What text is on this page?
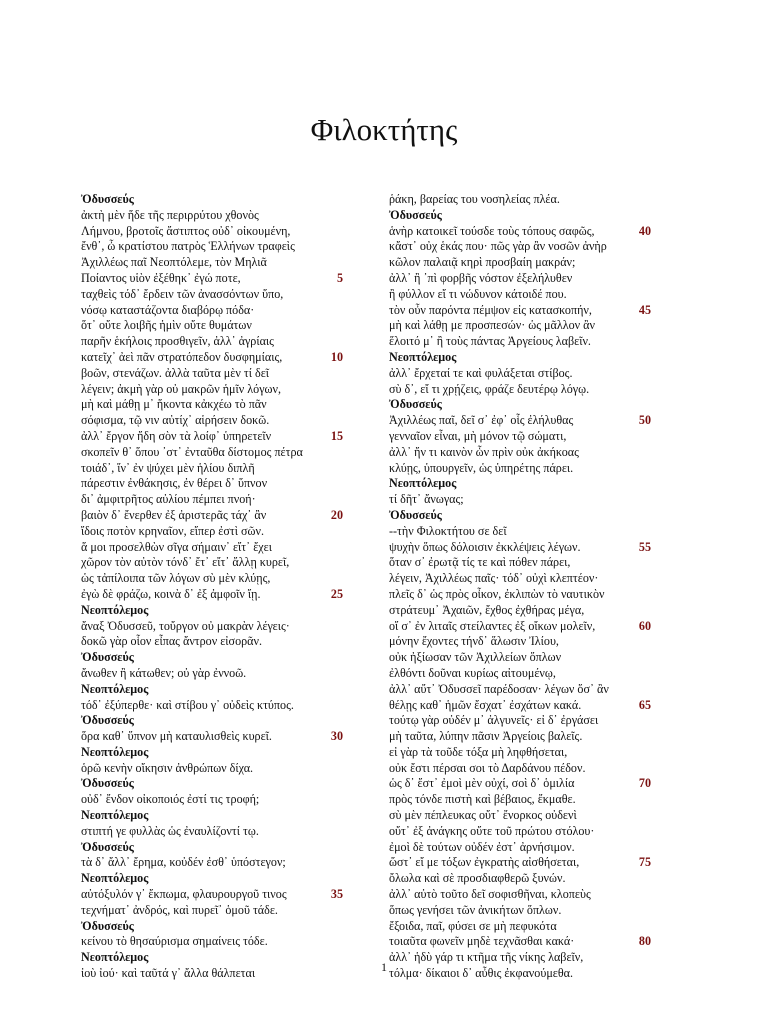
Φιλοκτήτης
Ὀδυσσεύς
ἀκτὴ μὲν ἥδε τῆς περιρρύτου χθονὸς
Λήμνου, βροτοῖς ἄστιπτος οὐδ᾽ οἰκουμένη,
ἔνθ᾽, ὦ κρατίστου πατρὸς Ἑλλήνων τραφεὶς
Ἀχιλλέως παῖ Νεοπτόλεμε, τὸν Μηλιᾶ
Ποίαντος υἱὸν ἐξέθηκ᾽ ἐγώ ποτε,	5
ταχθεὶς τόδ᾽ ἔρδειν τῶν ἀνασσόντων ὕπο,
νόσῳ καταστάζοντα διαβόρῳ πόδα·
ὅτ᾽ οὔτε λοιβῆς ἡμὶν οὔτε θυμάτων
παρῆν ἑκήλοις προσθιγεῖν, ἀλλ᾽ ἀγρίαις
κατεῖχ᾽ ἀεὶ πᾶν στρατόπεδον δυσφημίαις,	10
βοῶν, στενάζων. ἀλλὰ ταῦτα μὲν τί δεῖ
λέγειν; ἀκμὴ γὰρ οὐ μακρῶν ἡμῖν λόγων,
μὴ καὶ μάθῃ μ᾽ ἥκοντα κἀκχέω τὸ πᾶν
σόφισμα, τῷ νιν αὐτίχ᾽ αἱρήσειν δοκῶ.
ἀλλ᾽ ἔργον ἤδη σὸν τὰ λοίφ᾽ ὑπηρετεῖν	15
σκοπεῖν θ᾽ ὅπου ᾽στ᾽ ἐνταῦθα δίστομος πέτρα
τοιάδ᾽, ἵν᾽ ἐν ψύχει μὲν ἡλίου διπλῆ
πάρεστιν ἐνθάκησις, ἐν θέρει δ᾽ ὕπνον
δι᾽ ἀμφιτρῆτος αὐλίου πέμπει πνοή·
βαιὸν δ᾽ ἔνερθεν ἐξ ἀριστερᾶς τάχ᾽ ἂν	20
ἴδοις ποτὸν κρηναῖον, εἴπερ ἐστὶ σῶν.
ἅ μοι προσελθὼν σῖγα σήμαιν᾽ εἴτ᾽ ἔχει
χῶρον τὸν αὐτὸν τόνδ᾽ ἔτ᾽ εἴτ᾽ ἄλλῃ κυρεῖ,
ὡς τἀπίλοιπα τῶν λόγων σὺ μὲν κλύῃς,
ἐγὼ δὲ φράζω, κοινὰ δ᾽ ἐξ ἀμφοῖν ἴῃ.	25
Νεοπτόλεμος
ἄναξ Ὀδυσσεῦ, τοὔργον οὐ μακρὰν λέγεις·
δοκῶ γὰρ οἷον εἶπας ἄντρον εἰσορᾶν.
Ὀδυσσεύς
ἄνωθεν ἢ κάτωθεν; οὐ γὰρ ἐννοῶ.
Νεοπτόλεμος
τόδ᾽ ἐξύπερθε· καὶ στίβου γ᾽ οὐδεὶς κτύπος.
Ὀδυσσεύς
ὅρα καθ᾽ ὕπνον μὴ καταυλισθεὶς κυρεῖ.	30
Νεοπτόλεμος
ὁρῶ κενὴν οἴκησιν ἀνθρώπων δίχα.
Ὀδυσσεύς
οὐδ᾽ ἔνδον οἰκοποιός ἐστί τις τροφή;
Νεοπτόλεμος
στιπτή γε φυλλὰς ὡς ἐναυλίζοντί τῳ.
Ὀδυσσεύς
τὰ δ᾽ ἄλλ᾽ ἔρημα, κοὐδέν ἐσθ᾽ ὑπόστεγον;
Νεοπτόλεμος
αὐτόξυλόν γ᾽ ἔκπωμα, φλαυρουργοῦ τινος	35
τεχνήματ᾽ ἀνδρός, καὶ πυρεῖ᾽ ὁμοῦ τάδε.
Ὀδυσσεύς
κείνου τὸ θησαύρισμα σημαίνεις τόδε.
Νεοπτόλεμος
ἰοὺ ἰού· καὶ ταῦτά γ᾽ ἄλλα θάλπεται
ῥάκη, βαρείας του νοσηλείας πλέα.
Ὀδυσσεύς
ἁνὴρ κατοικεῖ τούσδε τοὺς τόπους σαφῶς,	40
κἄστ᾽ οὐχ ἑκάς που· πῶς γὰρ ἂν νοσῶν ἀνὴρ
κῶλον παλαιᾷ κηρὶ προσβαίη μακράν;
ἀλλ᾽ ἢ ᾽πὶ φορβῆς νόστον ἐξελήλυθεν
ἢ φύλλον εἴ τι νώδυνον κάτοιδέ που.
τὸν οὖν παρόντα πέμψον εἰς κατασκοπήν,	45
μὴ καὶ λάθῃ με προσπεσών· ὡς μᾶλλον ἂν
ἕλοιτό μ᾽ ἢ τοὺς πάντας Ἀργείους λαβεῖν.
Νεοπτόλεμος
ἀλλ᾽ ἔρχεταί τε καὶ φυλάξεται στίβος.
σὺ δ᾽, εἴ τι χρῄζεις, φράζε δευτέρῳ λόγῳ.
Ὀδυσσεύς
Ἀχιλλέως παῖ, δεῖ σ᾽ ἐφ᾽ οἷς ἐλήλυθας	50
γενναῖον εἶναι, μὴ μόνον τῷ σώματι,
ἀλλ᾽ ἤν τι καινὸν ὧν πρὶν οὐκ ἀκήκοας
κλύῃς, ὑπουργεῖν, ὡς ὑπηρέτης πάρει.
Νεοπτόλεμος
τί δῆτ᾽ ἄνωγας;
Ὀδυσσεύς
--τὴν Φιλοκτήτου σε δεῖ
ψυχὴν ὅπως δόλοισιν ἐκκλέψεις λέγων.	55
ὅταν σ᾽ ἐρωτᾷ τίς τε καὶ πόθεν πάρει,
λέγειν, Ἀχιλλέως παῖς· τόδ᾽ οὐχὶ κλεπτέον·
πλεῖς δ᾽ ὡς πρὸς οἶκον, ἐκλιπὼν τὸ ναυτικὸν
στράτευμ᾽ Ἀχαιῶν, ἔχθος ἐχθήρας μέγα,
οἵ σ᾽ ἐν λιταῖς στείλαντες ἐξ οἴκων μολεῖν,	60
μόνην ἔχοντες τήνδ᾽ ἅλωσιν Ἰλίου,
οὐκ ἠξίωσαν τῶν Ἀχιλλείων ὅπλων
ἐλθόντι δοῦναι κυρίως αἰτουμένῳ,
ἀλλ᾽ αὔτ᾽ Ὀδυσσεῖ παρέδοσαν· λέγων ὅσ᾽ ἂν
θέλῃς καθ᾽ ἡμῶν ἔσχατ᾽ ἐσχάτων κακά.	65
τούτῳ γὰρ οὐδέν μ᾽ ἀλγυνεῖς· εἰ δ᾽ ἐργάσει
μὴ ταῦτα, λύπην πᾶσιν Ἀργείοις βαλεῖς.
εἰ γὰρ τὰ τοῦδε τόξα μὴ ληφθήσεται,
οὐκ ἔστι πέρσαι σοι τὸ Δαρδάνου πέδον.
ὡς δ᾽ ἔστ᾽ ἐμοὶ μὲν οὐχί, σοὶ δ᾽ ὁμιλία	70
πρὸς τόνδε πιστὴ καὶ βέβαιος, ἔκμαθε.
σὺ μὲν πέπλευκας οὔτ᾽ ἔνορκος οὐδενὶ
οὔτ᾽ ἐξ ἀνάγκης οὔτε τοῦ πρώτου στόλου·
ἐμοὶ δὲ τούτων οὐδέν ἐστ᾽ ἀρνήσιμον.
ὥστ᾽ εἴ με τόξων ἐγκρατὴς αἰσθήσεται,	75
ὄλωλα καὶ σὲ προσδιαφθερῶ ξυνών.
ἀλλ᾽ αὐτὸ τοῦτο δεῖ σοφισθῆναι, κλοπεὺς
ὅπως γενήσει τῶν ἀνικήτων ὅπλων.
ἔξοιδα, παῖ, φύσει σε μὴ πεφυκότα
τοιαῦτα φωνεῖν μηδὲ τεχνᾶσθαι κακά·	80
ἀλλ᾽ ἡδὺ γάρ τι κτῆμα τῆς νίκης λαβεῖν,
τόλμα· δίκαιοι δ᾽ αὖθις ἐκφανούμεθα.
1
